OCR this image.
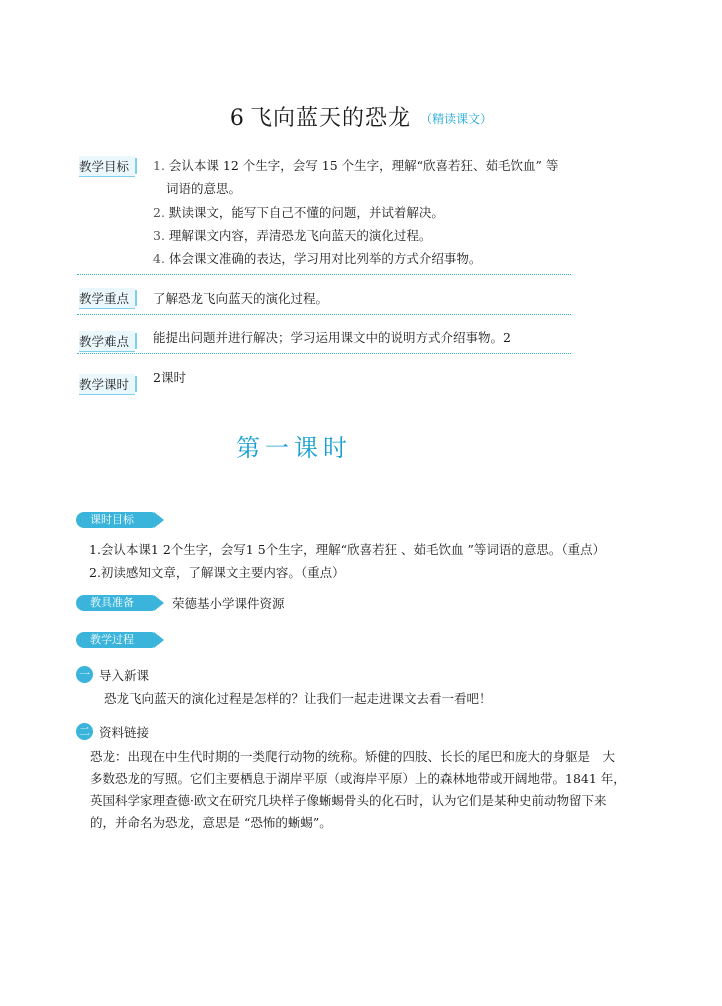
6 飞向蓝天的恐龙 （精读课文）
教学目标	1. 会认本课 12 个生字，会写 15 个生字，理解“欣喜若狂、茹毛饮血” 等
词语的意思。
2. 默读课文，能写下自己不懂的问题，并试着解决。
3. 理解课文内容，弄清恐龙飞向蓝天的演化过程。
4. 体会课文准确的表达，学习用对比列举的方式介绍事物。
教学重点	了解恐龙飞向蓝天的演化过程。
教学难点	能提出问题并进行解决；学习运用课文中的说明方式介绍事物。2
教学课时	2课时
第一课时
课时目标
1.会认本课1 2个生字，会写1 5个生字，理解“欣喜若狂 、茹毛饮血 ”等词语的意思。（重点）
2.初读感知文章，了解课文主要内容。（重点）
教具准备	荣德基小学课件资源
教学过程
一 导入新课
恐龙飞向蓝天的演化过程是怎样的？让我们一起走进课文去看一看吧！
二 资料链接
恐龙：出现在中生代时期的一类爬行动物的统称。矫健的四肢、长长的尾巴和庞大的身躯是　大
多数恐龙的写照。它们主要栖息于湖岸平原（或海岸平原）上的森林地带或开阔地带。1841 年，
英国科学家理查德·欧文在研究几块样子像蜥蜴骨头的化石时，认为它们是某种史前动物留下来
的，并命名为恐龙，意思是 “恐怖的蜥蜴”。
